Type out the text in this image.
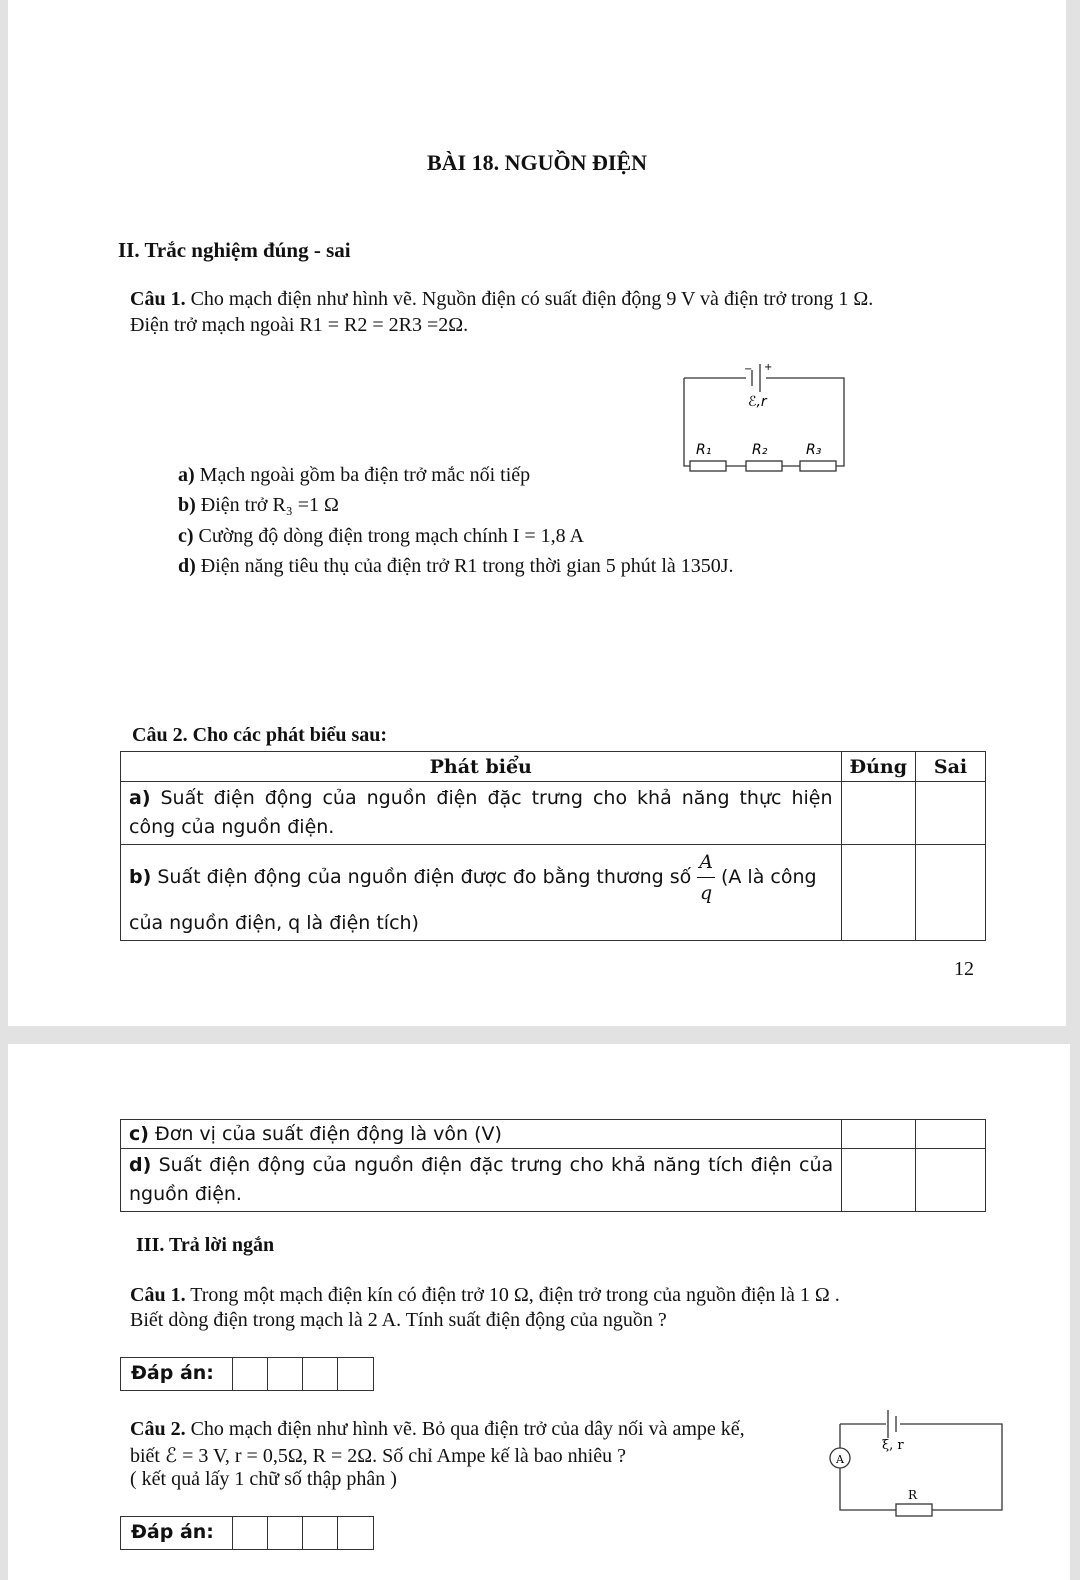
BÀI 18. NGUỒN ĐIỆN
II. Trắc nghiệm đúng - sai
Câu 1. Cho mạch điện như hình vẽ. Nguồn điện có suất điện động 9 V và điện trở trong 1 Ω.
Điện trở mạch ngoài R1 = R2 = 2R3 =2Ω.
− +
ℰ,r
R₁	R₂	R₃
a) Mạch ngoài gồm ba điện trở mắc nối tiếp
b) Điện trở R₃ =1 Ω
c) Cường độ dòng điện trong mạch chính I = 1,8 A
d) Điện năng tiêu thụ của điện trở R1 trong thời gian 5 phút là 1350J.
Câu 2. Cho các phát biểu sau:
Phát biểu	Đúng	Sai
a) Suất điện động của nguồn điện đặc trưng cho khả năng thực hiện công của nguồn điện.		
b) Suất điện động của nguồn điện được đo bằng thương số $\frac{A}{q} (A$ là công của nguồn điện, q là điện tích)		
12
c) Đơn vị của suất điện động là vôn (V)		
d) Suất điện động của nguồn điện đặc trưng cho khả năng tích điện của nguồn điện.		
III. Trả lời ngắn
Câu 1. Trong một mạch điện kín có điện trở 10 Ω, điện trở trong của nguồn điện là 1 Ω .
Biết dòng điện trong mạch là 2 A. Tính suất điện động của nguồn ?
Đáp án:
Câu 2. Cho mạch điện như hình vẽ. Bỏ qua điện trở của dây nối và ampe kế,
biết ℰ = 3 V, r = 0,5Ω, R = 2Ω. Số chỉ Ampe kế là bao nhiêu ?
( kết quả lấy 1 chữ số thập phân )
ξ, r
A
R
Đáp án:
